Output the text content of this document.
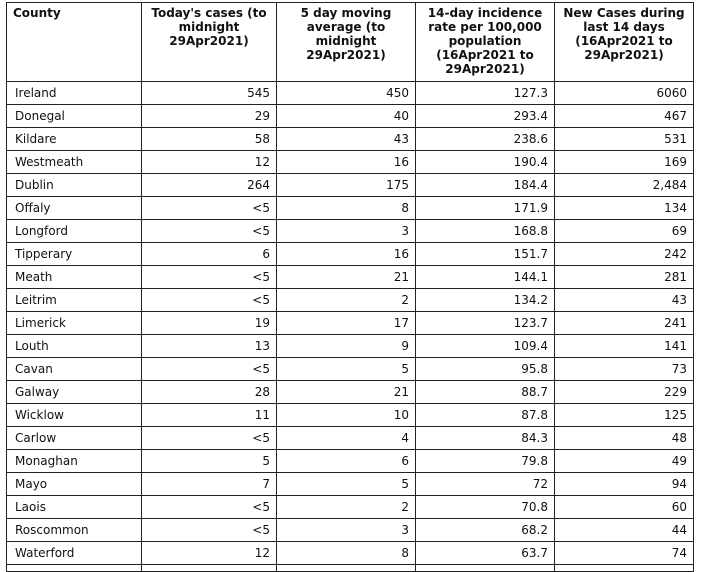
County	Today's cases (to midnight 29Apr2021)	5 day moving average (to midnight 29Apr2021)	14-day incidence rate per 100,000 population (16Apr2021 to 29Apr2021)	New Cases during last 14 days (16Apr2021 to 29Apr2021)
Ireland	545	450	127.3	6060
Donegal	29	40	293.4	467
Kildare	58	43	238.6	531
Westmeath	12	16	190.4	169
Dublin	264	175	184.4	2,484
Offaly	<5	8	171.9	134
Longford	<5	3	168.8	69
Tipperary	6	16	151.7	242
Meath	<5	21	144.1	281
Leitrim	<5	2	134.2	43
Limerick	19	17	123.7	241
Louth	13	9	109.4	141
Cavan	<5	5	95.8	73
Galway	28	21	88.7	229
Wicklow	11	10	87.8	125
Carlow	<5	4	84.3	48
Monaghan	5	6	79.8	49
Mayo	7	5	72	94
Laois	<5	2	70.8	60
Roscommon	<5	3	68.2	44
Waterford	12	8	63.7	74
